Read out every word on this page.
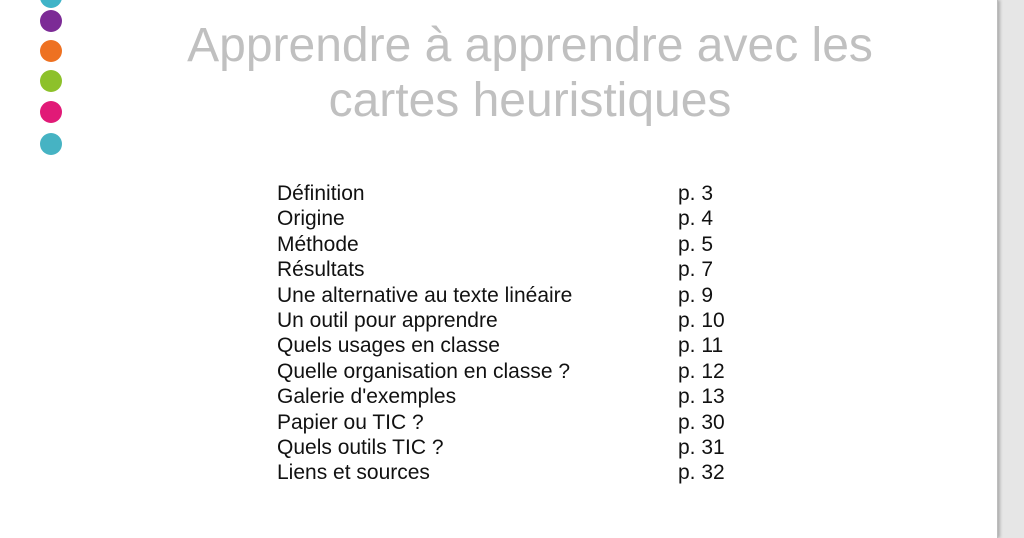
Apprendre à apprendre avec les cartes heuristiques
Définition	p. 3
Origine	p. 4
Méthode	p. 5
Résultats	p. 7
Une alternative au texte linéaire	p. 9
Un outil pour apprendre	p. 10
Quels usages en classe	p. 11
Quelle organisation en classe ?	p. 12
Galerie d'exemples	p. 13
Papier ou TIC ?	p. 30
Quels outils TIC ?	p. 31
Liens et sources	p. 32
